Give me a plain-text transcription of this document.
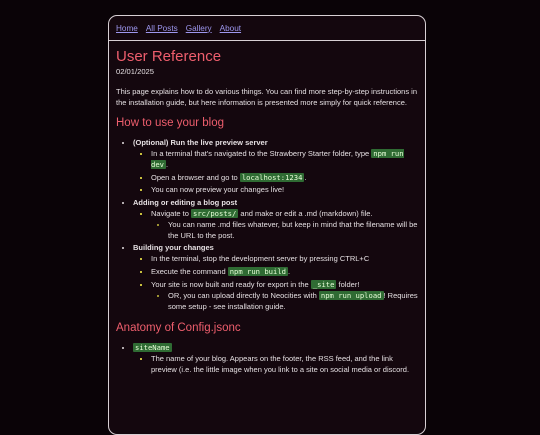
Home All Posts Gallery About
User Reference
02/01/2025

This page explains how to do various things. You can find more step-by-step instructions in the installation guide, but here information is presented more simply for quick reference.

How to use your blog
• (Optional) Run the live preview server
▪ In a terminal that's navigated to the Strawberry Starter folder, type npm run dev .
▪ Open a browser and go to localhost:1234 .
▪ You can now preview your changes live!
• Adding or editing a blog post
▪ Navigate to src/posts/ and make or edit a .md (markdown) file.
• You can name .md files whatever, but keep in mind that the filename will be the URL to the post.
• Building your changes
▪ In the terminal, stop the development server by pressing CTRL+C
▪ Execute the command npm run build .
▪ Your site is now built and ready for export in the _site folder!
• OR, you can upload directly to Neocities with npm run upload ! Requires some setup - see installation guide.
Anatomy of Config.jsonc
• siteName
▪ The name of your blog. Appears on the footer, the RSS feed, and the link preview (i.e. the little image when you link to a site on social media or discord.
